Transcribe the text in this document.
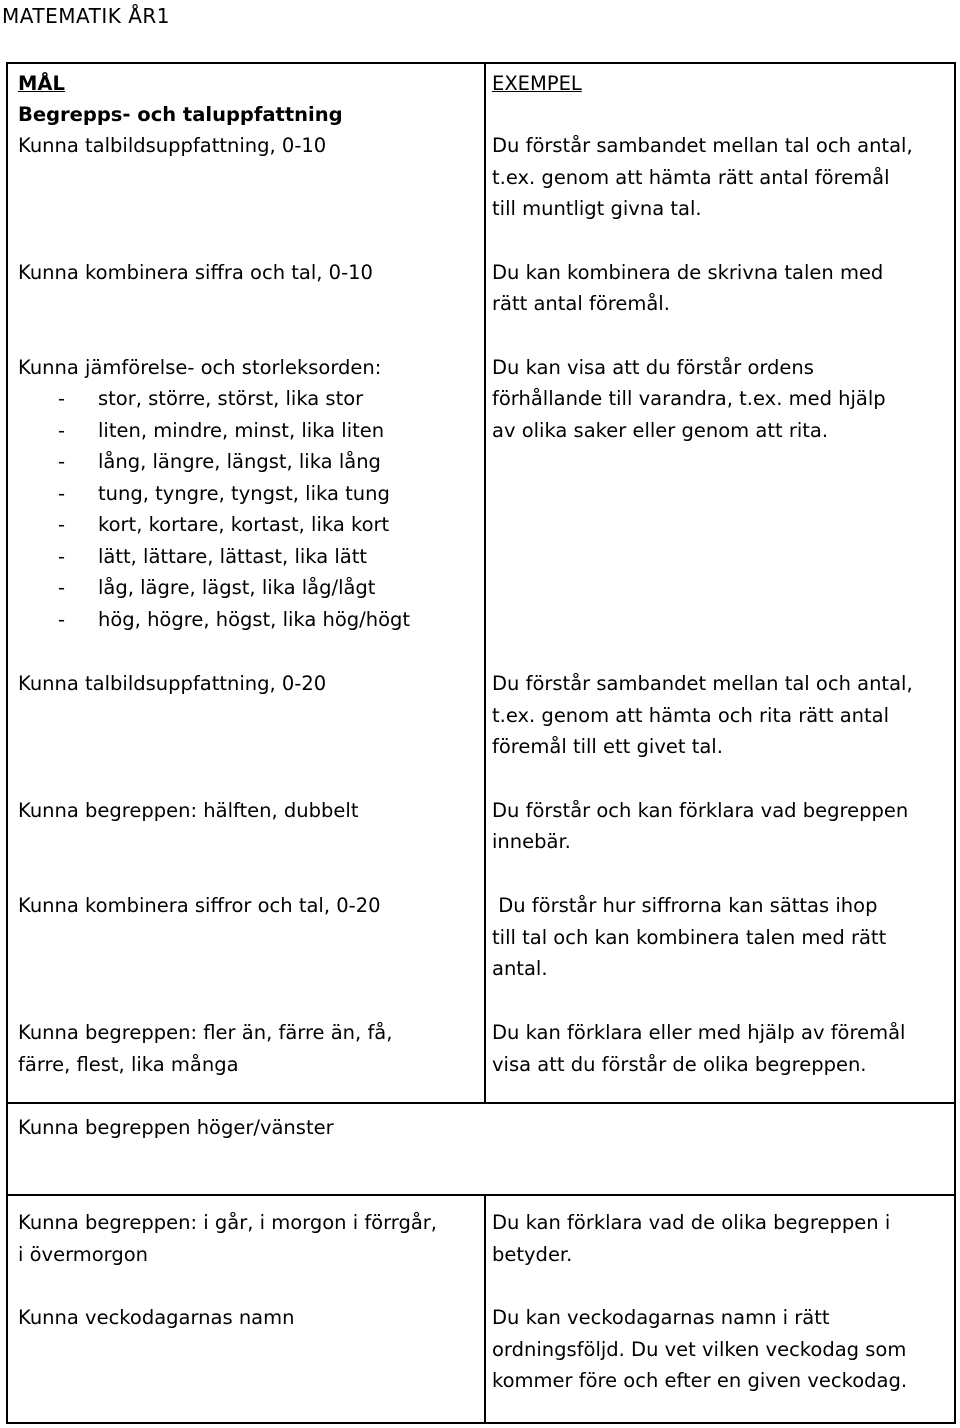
MATEMATIK ÅR1
MÅL	EXEMPEL
Begrepps- och taluppfattning
Kunna talbildsuppfattning, 0-10
Kunna kombinera siffra och tal, 0-10
Kunna jämförelse- och storleksorden:
- stor, större, störst, lika stor
- liten, mindre, minst, lika liten
- lång, längre, längst, lika lång
- tung, tyngre, tyngst, lika tung
- kort, kortare, kortast, lika kort
- lätt, lättare, lättast, lika lätt
- låg, lägre, lägst, lika låg/lågt
- hög, högre, högst, lika hög/högt
Kunna talbildsuppfattning, 0-20
Kunna begreppen: hälften, dubbelt
Kunna kombinera siffror och tal, 0-20
Kunna begreppen: fler än, färre än, få,
färre, flest, lika många
Kunna begreppen höger/vänster
Kunna begreppen: i går, i morgon i förrgår,
i övermorgon
Kunna veckodagarnas namn
Du förstår sambandet mellan tal och antal,
t.ex. genom att hämta rätt antal föremål
till muntligt givna tal.
Du kan kombinera de skrivna talen med
rätt antal föremål.
Du kan visa att du förstår ordens
förhållande till varandra, t.ex. med hjälp
av olika saker eller genom att rita.
Du förstår sambandet mellan tal och antal,
t.ex. genom att hämta och rita rätt antal
föremål till ett givet tal.
Du förstår och kan förklara vad begreppen
innebär.
Du förstår hur siffrorna kan sättas ihop
till tal och kan kombinera talen med rätt
antal.
Du kan förklara eller med hjälp av föremål
visa att du förstår de olika begreppen.
Du kan förklara vad de olika begreppen i
betyder.
Du kan veckodagarnas namn i rätt
ordningsföljd. Du vet vilken veckodag som
kommer före och efter en given veckodag.
